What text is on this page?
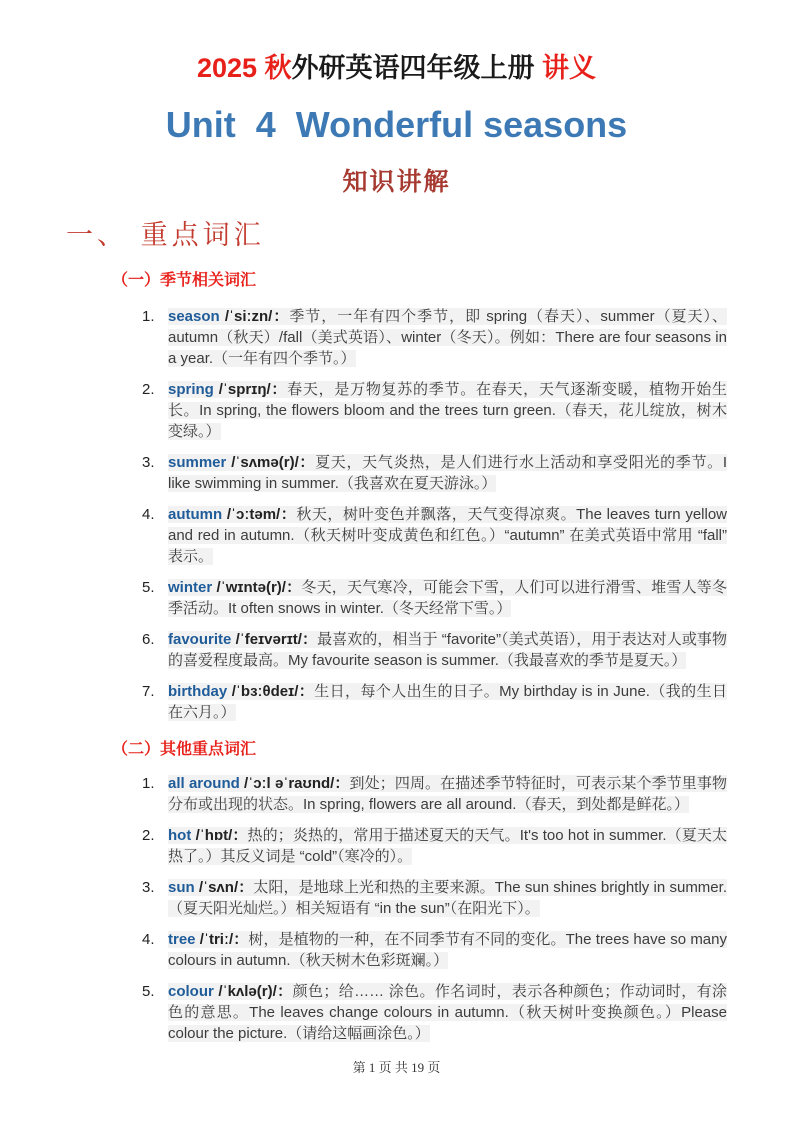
2025 秋外研英语四年级上册 讲义
Unit  4  Wonderful seasons
知识讲解
一、 重点词汇
（一）季节相关词汇
1. season /ˈsiːzn/：季节，一年有四个季节，即 spring（春天）、summer（夏天）、autumn（秋天）/fall（美式英语）、winter（冬天）。例如：There are four seasons in a year.（一年有四个季节。）

2. spring /ˈsprɪŋ/：春天，是万物复苏的季节。在春天，天气逐渐变暖，植物开始生长。In spring, the flowers bloom and the trees turn green.（春天，花儿绽放，树木变绿。）

3. summer /ˈsʌmə(r)/：夏天，天气炎热，是人们进行水上活动和享受阳光的季节。I like swimming in summer.（我喜欢在夏天游泳。）

4. autumn /ˈɔːtəm/：秋天，树叶变色并飘落，天气变得凉爽。The leaves turn yellow and red in autumn.（秋天树叶变成黄色和红色。）“autumn” 在美式英语中常用 “fall” 表示。

5. winter /ˈwɪntə(r)/：冬天，天气寒冷，可能会下雪，人们可以进行滑雪、堆雪人等冬季活动。It often snows in winter.（冬天经常下雪。）

6. favourite /ˈfeɪvərɪt/：最喜欢的，相当于 “favorite”（美式英语），用于表达对人或事物的喜爱程度最高。My favourite season is summer.（我最喜欢的季节是夏天。）

7. birthday /ˈbɜːθdeɪ/：生日，每个人出生的日子。My birthday is in June.（我的生日在六月。）

（二）其他重点词汇
1. all around /ˈɔːl əˈraʊnd/：到处；四周。在描述季节特征时，可表示某个季节里事物分布或出现的状态。In spring, flowers are all around.（春天，到处都是鲜花。）

2. hot /ˈhɒt/：热的；炎热的，常用于描述夏天的天气。It's too hot in summer.（夏天太热了。）其反义词是 “cold”（寒冷的）。

3. sun /ˈsʌn/：太阳，是地球上光和热的主要来源。The sun shines brightly in summer.（夏天阳光灿烂。）相关短语有 “in the sun”（在阳光下）。

4. tree /ˈtriː/：树，是植物的一种，在不同季节有不同的变化。The trees have so many colours in autumn.（秋天树木色彩斑斓。）

5. colour /ˈkʌlə(r)/：颜色；给…… 涂色。作名词时，表示各种颜色；作动词时，有涂色的意思。The leaves change colours in autumn.（秋天树叶变换颜色。）Please colour the picture.（请给这幅画涂色。）

第 1 页 共 19 页
